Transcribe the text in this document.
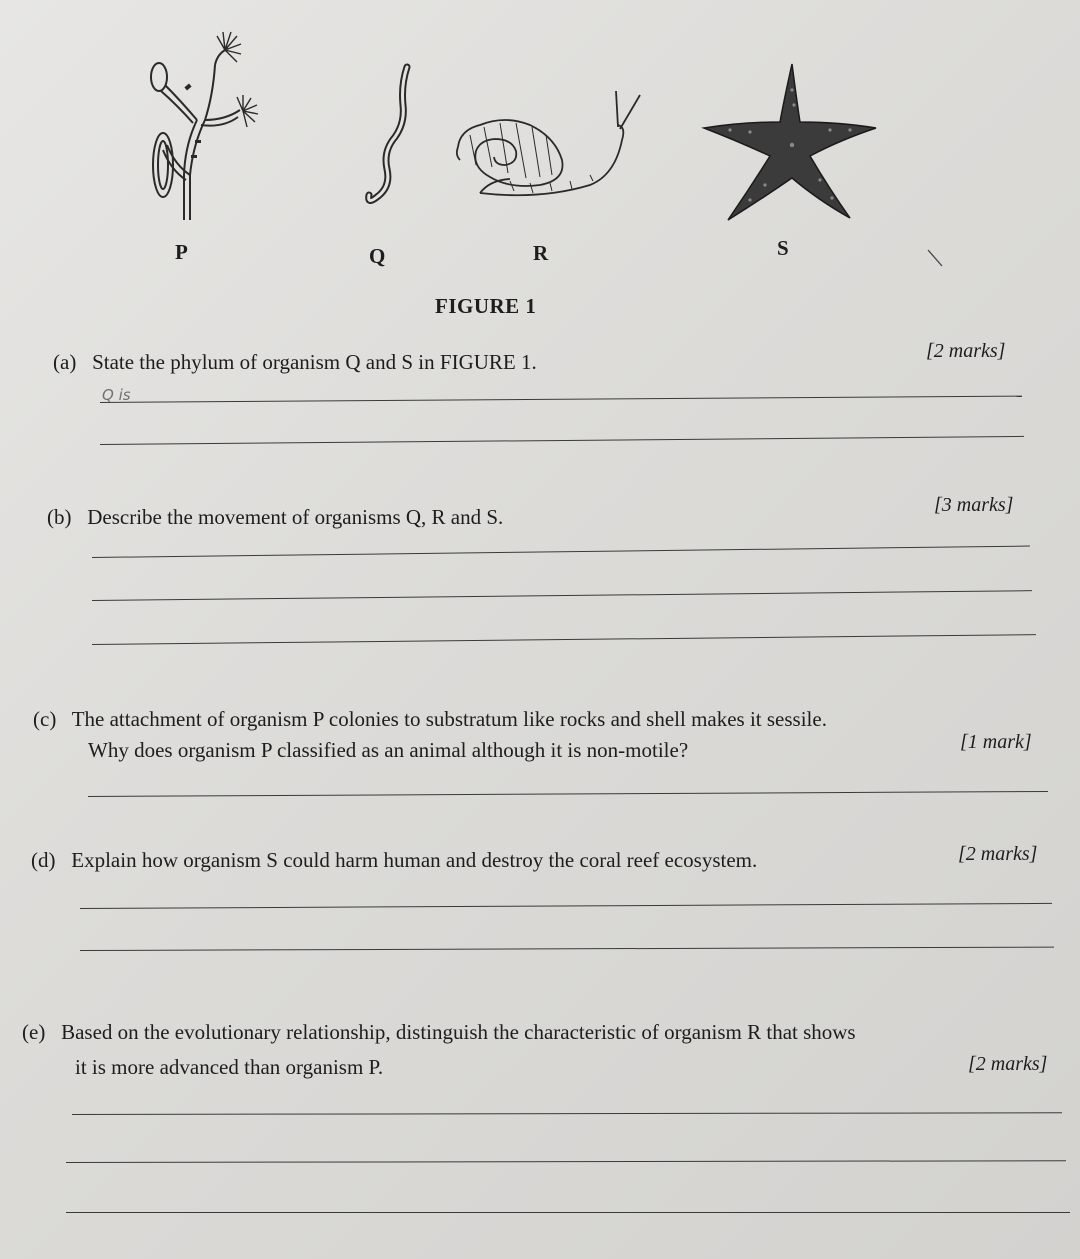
P	Q	R	S
FIGURE 1
(a) State the phylum of organism Q and S in FIGURE 1.	[2 marks]
Q is
(b) Describe the movement of organisms Q, R and S.	[3 marks]
(c) The attachment of organism P colonies to substratum like rocks and shell makes it sessile.
Why does organism P classified as an animal although it is non-motile?	[1 mark]
(d) Explain how organism S could harm human and destroy the coral reef ecosystem.	[2 marks]
(e) Based on the evolutionary relationship, distinguish the characteristic of organism R that shows
it is more advanced than organism P.	[2 marks]
